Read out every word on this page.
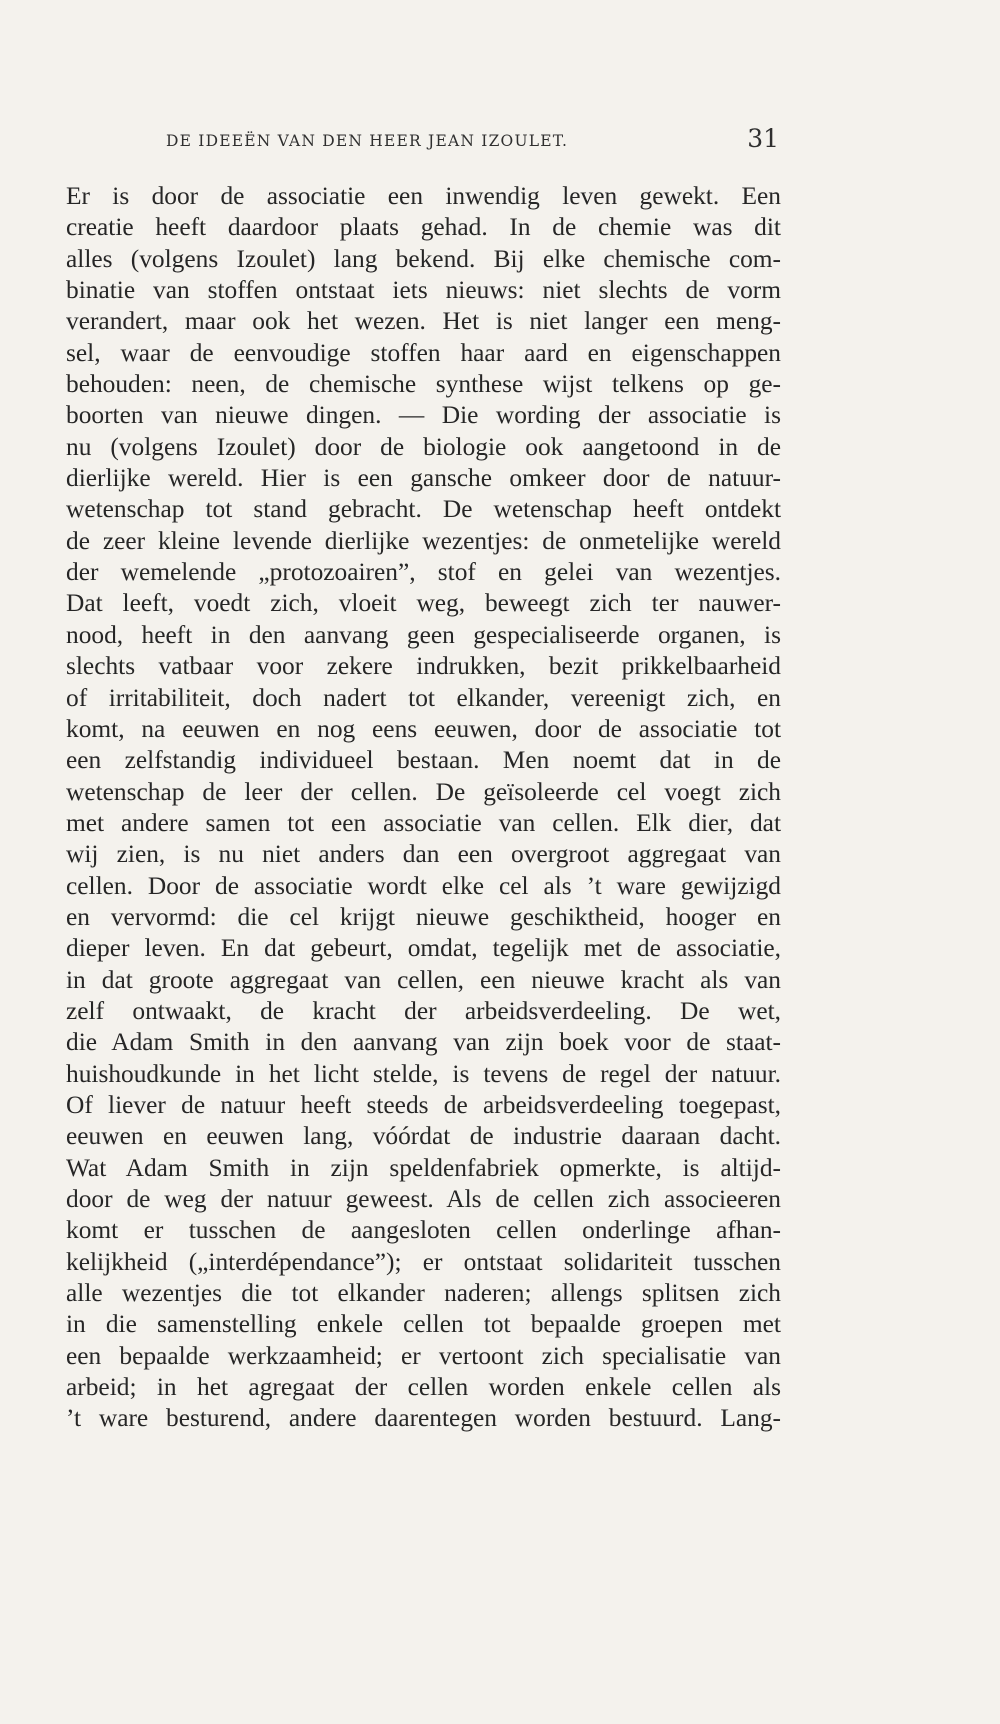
DE IDEEËN VAN DEN HEER JEAN IZOULET.	31
Er is door de associatie een inwendig leven gewekt. Een
creatie heeft daardoor plaats gehad. In de chemie was dit
alles (volgens Izoulet) lang bekend. Bij elke chemische com-
binatie van stoffen ontstaat iets nieuws: niet slechts de vorm
verandert, maar ook het wezen. Het is niet langer een meng-
sel, waar de eenvoudige stoffen haar aard en eigenschappen
behouden: neen, de chemische synthese wijst telkens op ge-
boorten van nieuwe dingen. — Die wording der associatie is
nu (volgens Izoulet) door de biologie ook aangetoond in de
dierlijke wereld. Hier is een gansche omkeer door de natuur-
wetenschap tot stand gebracht. De wetenschap heeft ontdekt
de zeer kleine levende dierlijke wezentjes: de onmetelijke wereld
der wemelende „protozoairen”, stof en gelei van wezentjes.
Dat leeft, voedt zich, vloeit weg, beweegt zich ter nauwer-
nood, heeft in den aanvang geen gespecialiseerde organen, is
slechts vatbaar voor zekere indrukken, bezit prikkelbaarheid
of irritabiliteit, doch nadert tot elkander, vereenigt zich, en
komt, na eeuwen en nog eens eeuwen, door de associatie tot
een zelfstandig individueel bestaan. Men noemt dat in de
wetenschap de leer der cellen. De geïsoleerde cel voegt zich
met andere samen tot een associatie van cellen. Elk dier, dat
wij zien, is nu niet anders dan een overgroot aggregaat van
cellen. Door de associatie wordt elke cel als ’t ware gewijzigd
en vervormd: die cel krijgt nieuwe geschiktheid, hooger en
dieper leven. En dat gebeurt, omdat, tegelijk met de associatie,
in dat groote aggregaat van cellen, een nieuwe kracht als van
zelf ontwaakt, de kracht der arbeidsverdeeling. De wet,
die Adam Smith in den aanvang van zijn boek voor de staat-
huishoudkunde in het licht stelde, is tevens de regel der natuur.
Of liever de natuur heeft steeds de arbeidsverdeeling toegepast,
eeuwen en eeuwen lang, vóórdat de industrie daaraan dacht.
Wat Adam Smith in zijn speldenfabriek opmerkte, is altijd-
door de weg der natuur geweest. Als de cellen zich associeeren
komt er tusschen de aangesloten cellen onderlinge afhan-
kelijkheid („interdépendance”); er ontstaat solidariteit tusschen
alle wezentjes die tot elkander naderen; allengs splitsen zich
in die samenstelling enkele cellen tot bepaalde groepen met
een bepaalde werkzaamheid; er vertoont zich specialisatie van
arbeid; in het agregaat der cellen worden enkele cellen als
’t ware besturend, andere daarentegen worden bestuurd. Lang-
